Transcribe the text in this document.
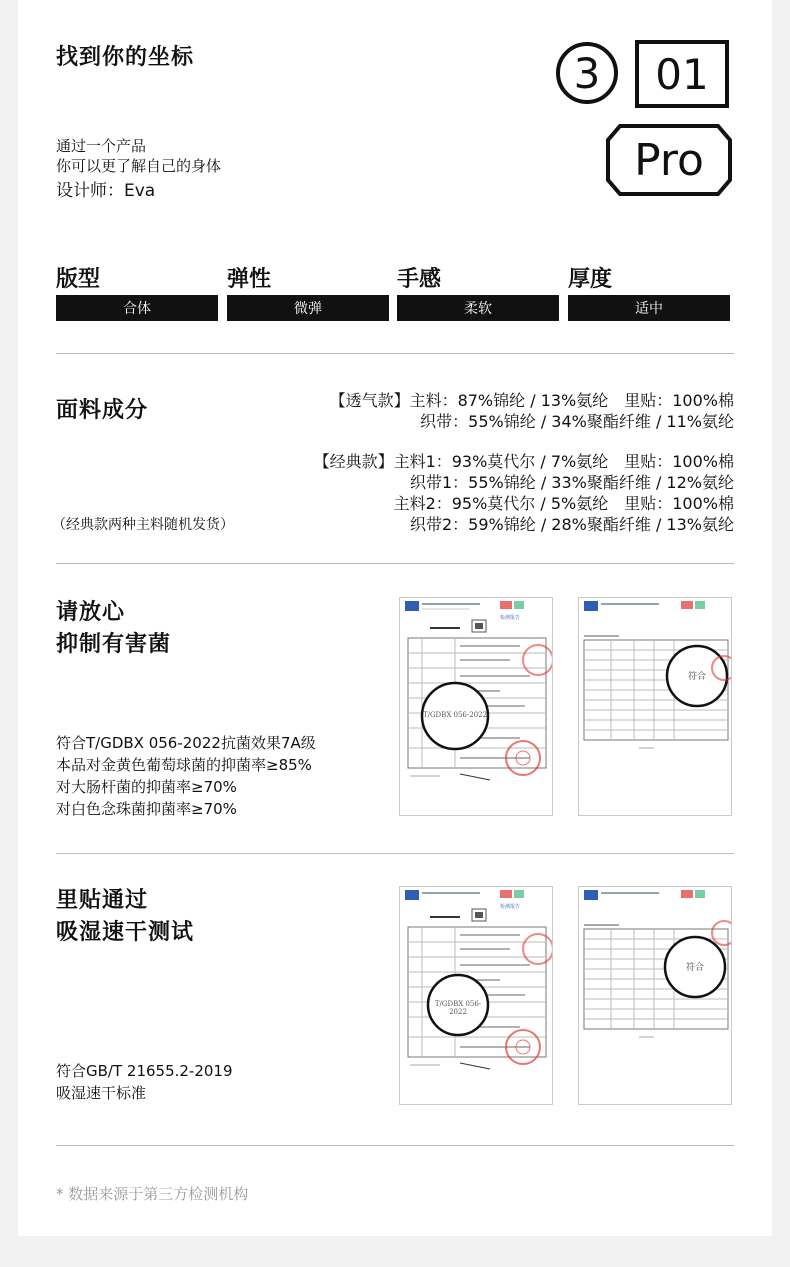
找到你的坐标
通过一个产品
你可以更了解自己的身体
设计师：Eva
3	01
Pro
版型	弹性	手感	厚度
合体	微弹	柔软	适中
面料成分	【透气款】主料：87%锦纶 / 13%氨纶　里贴：100%棉
织带：55%锦纶 / 34%聚酯纤维 / 11%氨纶
【经典款】主料1：93%莫代尔 / 7%氨纶　里贴：100%棉
织带1：55%锦纶 / 33%聚酯纤维 / 12%氨纶
主料2：95%莫代尔 / 5%氨纶　里贴：100%棉
织带2：59%锦纶 / 28%聚酯纤维 / 13%氨纶
（经典款两种主料随机发货）
请放心
抑制有害菌
符合T/GDBX 056-2022抗菌效果7A级
本品对金黄色葡萄球菌的抑菌率≥85%
对大肠杆菌的抑菌率≥70%
对白色念珠菌抑菌率≥70%
T/GDBX 056-2022
检测报告
符合
里贴通过
吸湿速干测试
符合GB/T 21655.2-2019
吸湿速干标准
T/GDBX 056-2022
检测报告
符合
* 数据来源于第三方检测机构
